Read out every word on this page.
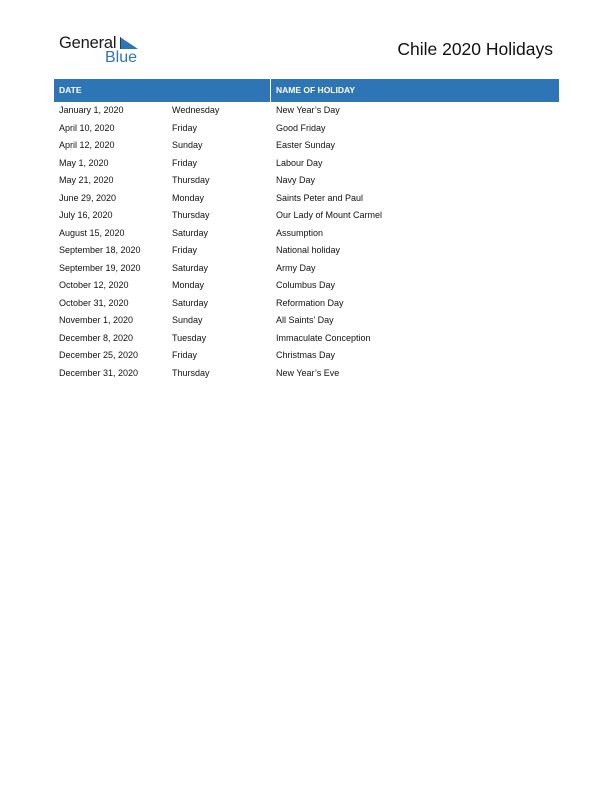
General
Blue	Chile 2020 Holidays
DATE	NAME OF HOLIDAY
January 1, 2020	Wednesday	New Year’s Day
April 10, 2020	Friday	Good Friday
April 12, 2020	Sunday	Easter Sunday
May 1, 2020	Friday	Labour Day
May 21, 2020	Thursday	Navy Day
June 29, 2020	Monday	Saints Peter and Paul
July 16, 2020	Thursday	Our Lady of Mount Carmel
August 15, 2020	Saturday	Assumption
September 18, 2020	Friday	National holiday
September 19, 2020	Saturday	Army Day
October 12, 2020	Monday	Columbus Day
October 31, 2020	Saturday	Reformation Day
November 1, 2020	Sunday	All Saints’ Day
December 8, 2020	Tuesday	Immaculate Conception
December 25, 2020	Friday	Christmas Day
December 31, 2020	Thursday	New Year’s Eve
